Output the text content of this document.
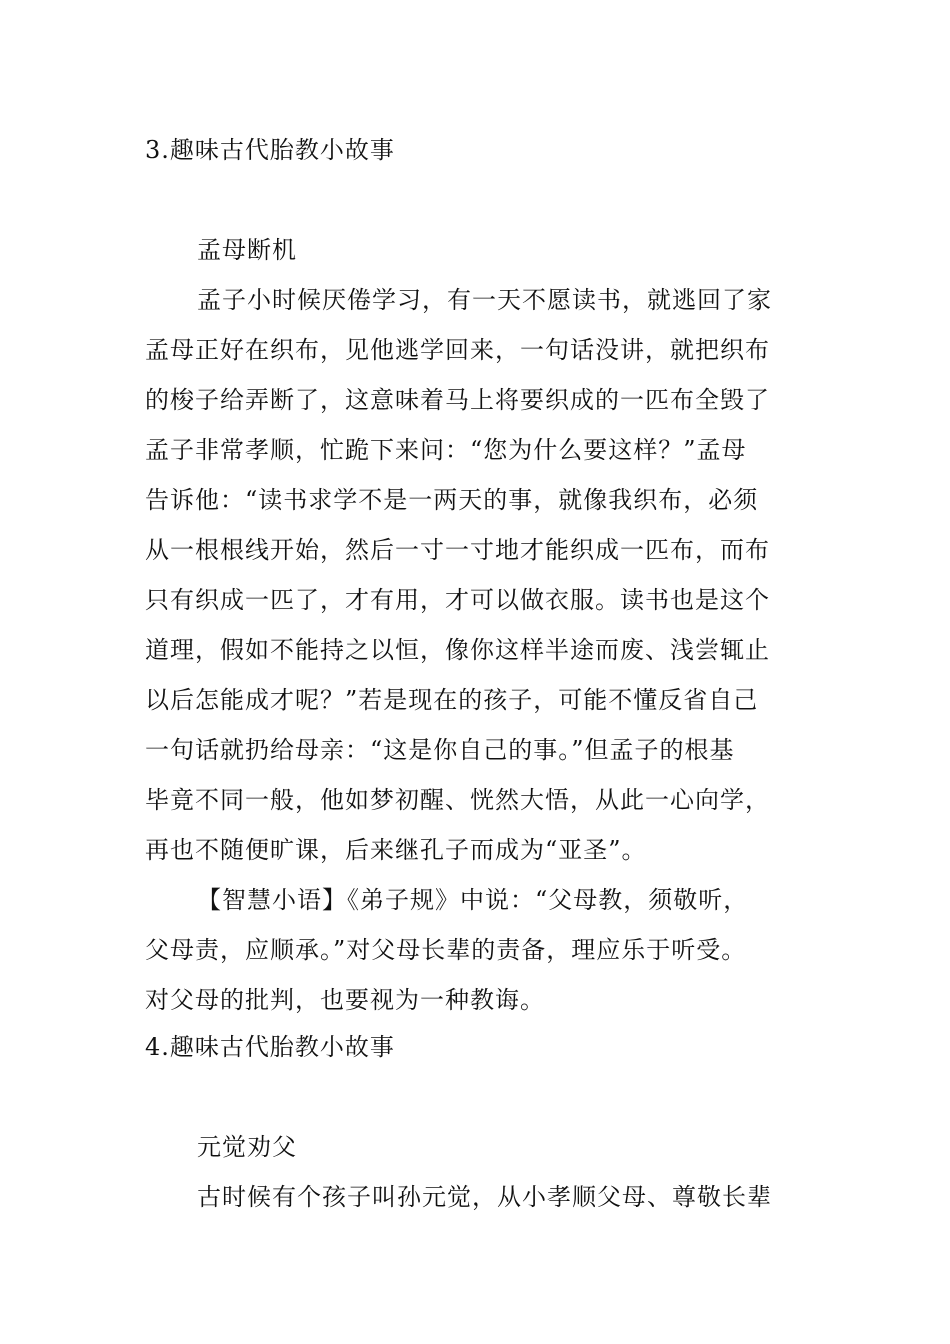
3.趣味古代胎教小故事
孟母断机
孟子小时候厌倦学习，有一天不愿读书，就逃回了家
孟母正好在织布，见他逃学回来，一句话没讲，就把织布
的梭子给弄断了，这意味着马上将要织成的一匹布全毁了
孟子非常孝顺，忙跪下来问：“您为什么要这样？”孟母
告诉他：“读书求学不是一两天的事，就像我织布，必须
从一根根线开始，然后一寸一寸地才能织成一匹布，而布
只有织成一匹了，才有用，才可以做衣服。读书也是这个
道理，假如不能持之以恒，像你这样半途而废、浅尝辄止
以后怎能成才呢？”若是现在的孩子，可能不懂反省自己
一句话就扔给母亲：“这是你自己的事。”但孟子的根基
毕竟不同一般，他如梦初醒、恍然大悟，从此一心向学，
再也不随便旷课，后来继孔子而成为“亚圣”。
【智慧小语】《弟子规》中说：“父母教，须敬听，
父母责，应顺承。”对父母长辈的责备，理应乐于听受。
对父母的批判，也要视为一种教诲。
4.趣味古代胎教小故事
元觉劝父
古时候有个孩子叫孙元觉，从小孝顺父母、尊敬长辈
